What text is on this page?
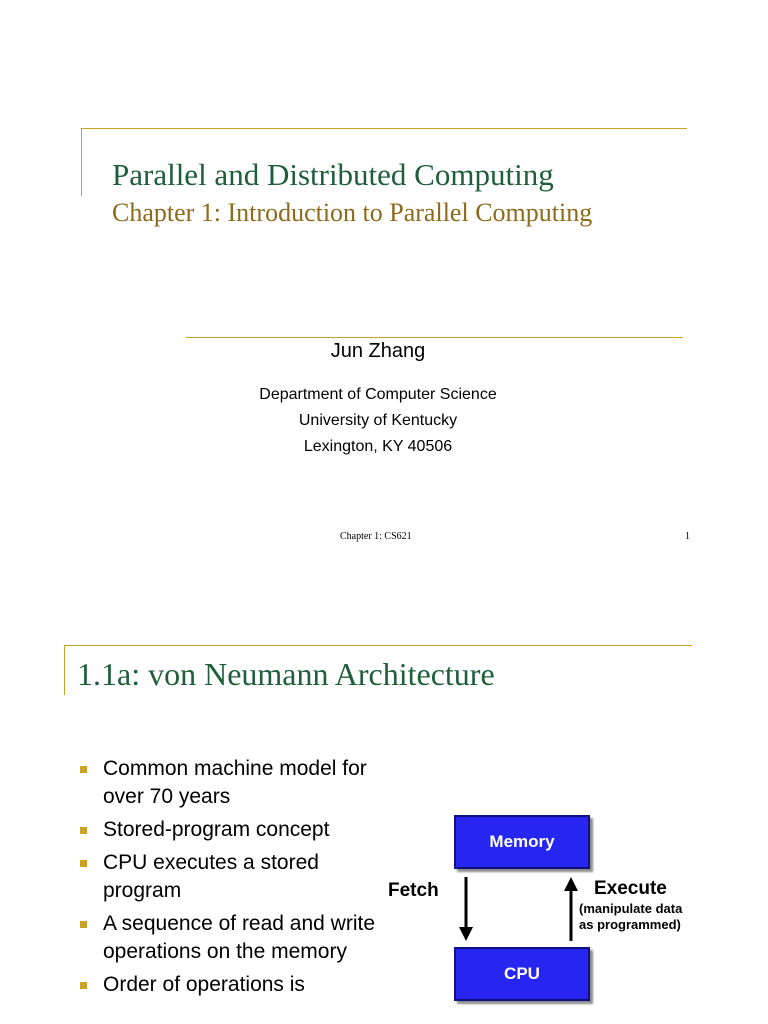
Parallel and Distributed Computing
Chapter 1: Introduction to Parallel Computing
Jun Zhang
Department of Computer Science
University of Kentucky
Lexington, KY 40506
Chapter 1: CS621	1
1.1a: von Neumann Architecture
Common machine model for over 70 years
Stored-program concept
CPU executes a stored program
A sequence of read and write operations on the memory
Order of operations is
Memory
CPU
Fetch	Execute
(manipulate data
as programmed)
